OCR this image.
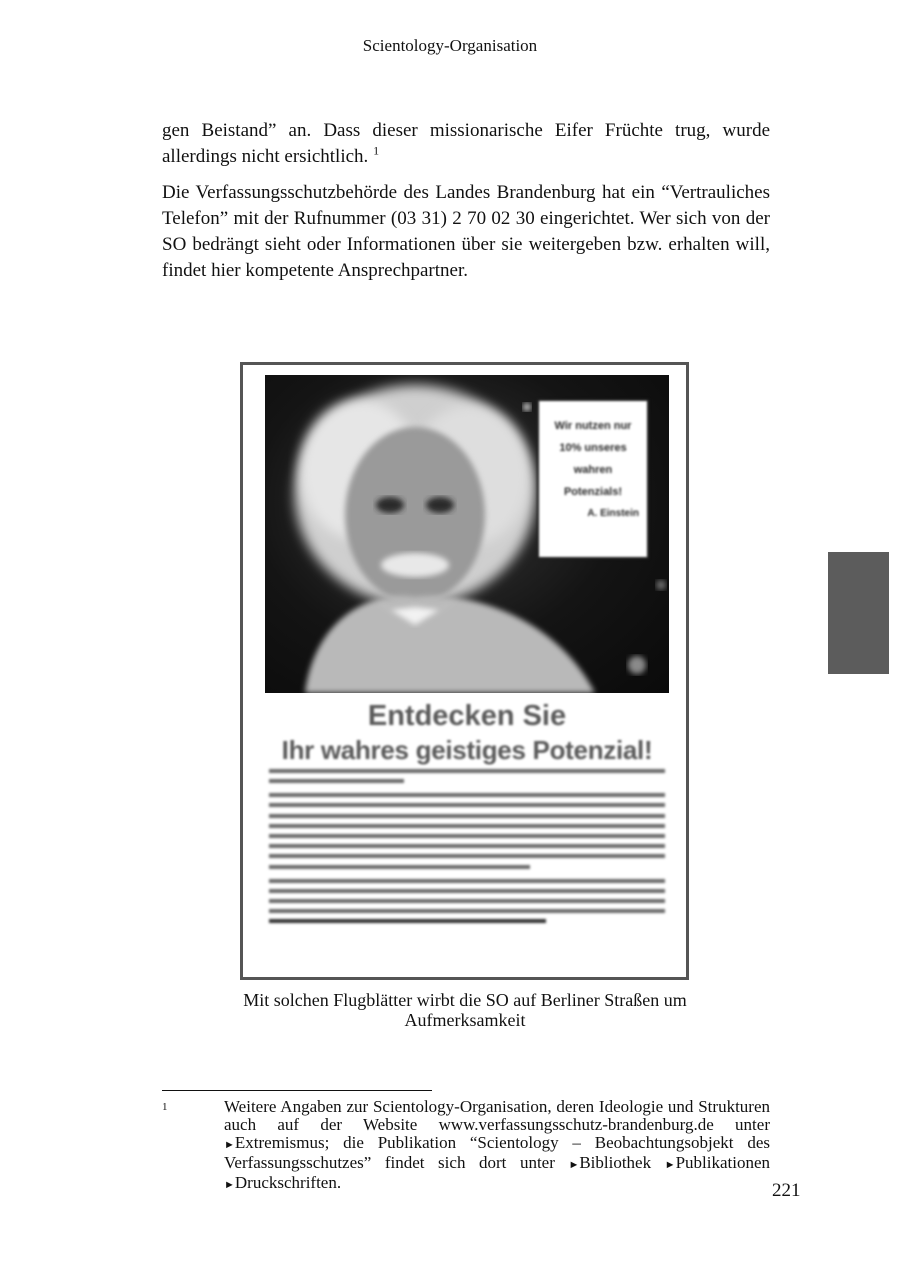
Scientology-Organisation

gen Beistand” an. Dass dieser missionarische Eifer Früchte trug, wurde allerdings nicht ersichtlich. $^1$

Die Verfassungsschutzbehörde des Landes Brandenburg hat ein “Vertrauliches Telefon” mit der Rufnummer (03 31) 2 70 02 30 eingerichtet. Wer sich von der SO bedrängt sieht oder Informationen über sie weitergeben bzw. erhalten will, findet hier kompetente Ansprechpartner.

Wir nutzen nur
10% unseres
wahren
Potenzials!
A. Einstein
Entdecken Sie
Ihr wahres geistiges Potenzial!
Mit solchen Flugblätter wirbt die SO auf Berliner Straßen um Aufmerksamkeit
1	Weitere Angaben zur Scientology-Organisation, deren Ideologie und Strukturen auch auf der Website www.verfassungsschutz-brandenburg.de unter ►Extremismus; die Publikation “Scientology – Beobachtungsobjekt des Verfassungsschutzes” findet sich dort unter ►Bibliothek ►Publikationen ►Druckschriften.	221
